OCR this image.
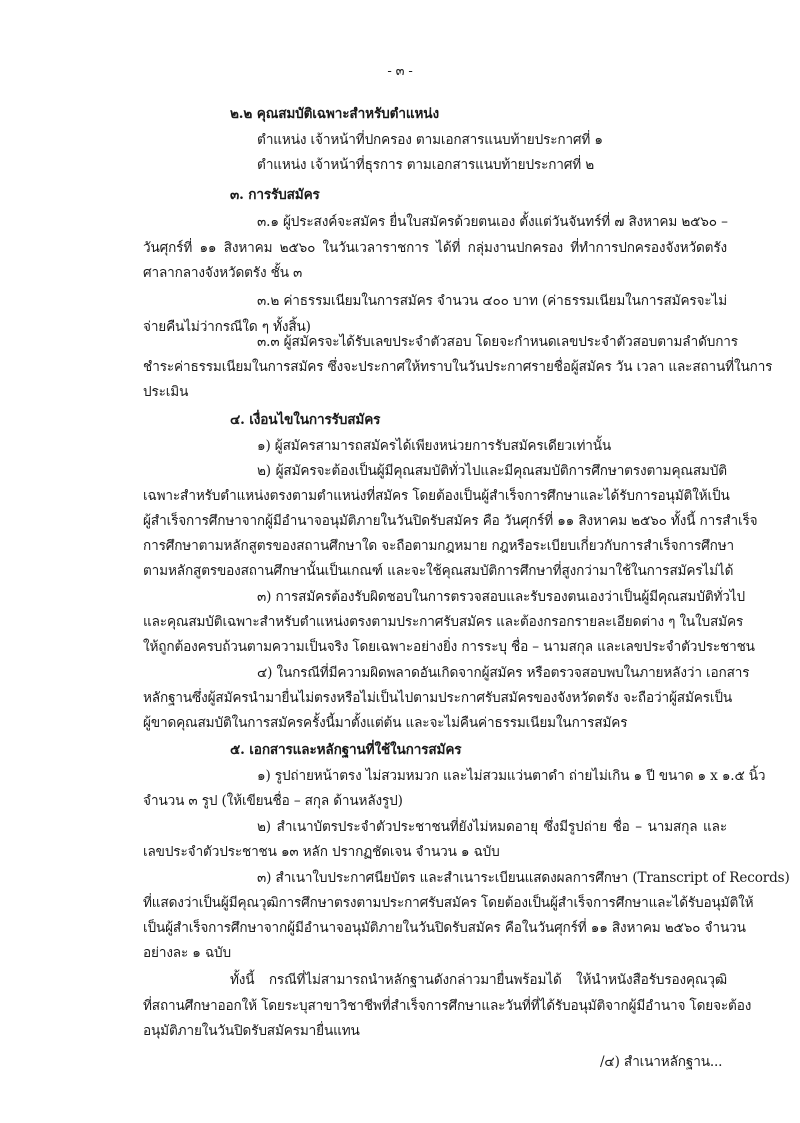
- ๓ -
๒.๒ คุณสมบัติเฉพาะสำหรับตำแหน่ง
ตำแหน่ง เจ้าหน้าที่ปกครอง ตามเอกสารแนบท้ายประกาศที่ ๑
ตำแหน่ง เจ้าหน้าที่ธุรการ ตามเอกสารแนบท้ายประกาศที่ ๒
๓. การรับสมัคร
๓.๑ ผู้ประสงค์จะสมัคร ยื่นใบสมัครด้วยตนเอง ตั้งแต่วันจันทร์ที่ ๗ สิงหาคม ๒๕๖๐ –
วันศุกร์ที่ ๑๑ สิงหาคม ๒๕๖๐ ในวันเวลาราชการ ได้ที่ กลุ่มงานปกครอง ที่ทำการปกครองจังหวัดตรัง
ศาลากลางจังหวัดตรัง ชั้น ๓
๓.๒ ค่าธรรมเนียมในการสมัคร จำนวน ๔๐๐ บาท (ค่าธรรมเนียมในการสมัครจะไม่
จ่ายคืนไม่ว่ากรณีใด ๆ ทั้งสิ้น)
๓.๓ ผู้สมัครจะได้รับเลขประจำตัวสอบ โดยจะกำหนดเลขประจำตัวสอบตามลำดับการ
ชำระค่าธรรมเนียมในการสมัคร ซึ่งจะประกาศให้ทราบในวันประกาศรายชื่อผู้สมัคร วัน เวลา และสถานที่ในการ
ประเมิน
๔. เงื่อนไขในการรับสมัคร
๑) ผู้สมัครสามารถสมัครได้เพียงหน่วยการรับสมัครเดียวเท่านั้น
๒) ผู้สมัครจะต้องเป็นผู้มีคุณสมบัติทั่วไปและมีคุณสมบัติการศึกษาตรงตามคุณสมบัติ
เฉพาะสำหรับตำแหน่งตรงตามตำแหน่งที่สมัคร โดยต้องเป็นผู้สำเร็จการศึกษาและได้รับการอนุมัติให้เป็น
ผู้สำเร็จการศึกษาจากผู้มีอำนาจอนุมัติภายในวันปิดรับสมัคร คือ วันศุกร์ที่ ๑๑ สิงหาคม ๒๕๖๐ ทั้งนี้ การสำเร็จ
การศึกษาตามหลักสูตรของสถานศึกษาใด จะถือตามกฎหมาย กฎหรือระเบียบเกี่ยวกับการสำเร็จการศึกษา
ตามหลักสูตรของสถานศึกษานั้นเป็นเกณฑ์ และจะใช้คุณสมบัติการศึกษาที่สูงกว่ามาใช้ในการสมัครไม่ได้
๓) การสมัครต้องรับผิดชอบในการตรวจสอบและรับรองตนเองว่าเป็นผู้มีคุณสมบัติทั่วไป
และคุณสมบัติเฉพาะสำหรับตำแหน่งตรงตามประกาศรับสมัคร และต้องกรอกรายละเอียดต่าง ๆ ในใบสมัคร
ให้ถูกต้องครบถ้วนตามความเป็นจริง โดยเฉพาะอย่างยิ่ง การระบุ ชื่อ – นามสกุล และเลขประจำตัวประชาชน
๔) ในกรณีที่มีความผิดพลาดอันเกิดจากผู้สมัคร หรือตรวจสอบพบในภายหลังว่า เอกสาร
หลักฐานซึ่งผู้สมัครนำมายื่นไม่ตรงหรือไม่เป็นไปตามประกาศรับสมัครของจังหวัดตรัง จะถือว่าผู้สมัครเป็น
ผู้ขาดคุณสมบัติในการสมัครครั้งนี้มาตั้งแต่ต้น และจะไม่คืนค่าธรรมเนียมในการสมัคร
๕. เอกสารและหลักฐานที่ใช้ในการสมัคร
๑) รูปถ่ายหน้าตรง ไม่สวมหมวก และไม่สวมแว่นตาดำ ถ่ายไม่เกิน ๑ ปี ขนาด ๑ x ๑.๕ นิ้ว
จำนวน ๓ รูป (ให้เขียนชื่อ – สกุล ด้านหลังรูป)
๒) สำเนาบัตรประจำตัวประชาชนที่ยังไม่หมดอายุ ซึ่งมีรูปถ่าย ชื่อ – นามสกุล และ
เลขประจำตัวประชาชน ๑๓ หลัก ปรากฏชัดเจน จำนวน ๑ ฉบับ
๓) สำเนาใบประกาศนียบัตร และสำเนาระเบียนแสดงผลการศึกษา (Transcript of Records)
ที่แสดงว่าเป็นผู้มีคุณวุฒิการศึกษาตรงตามประกาศรับสมัคร โดยต้องเป็นผู้สำเร็จการศึกษาและได้รับอนุมัติให้
เป็นผู้สำเร็จการศึกษาจากผู้มีอำนาจอนุมัติภายในวันปิดรับสมัคร คือในวันศุกร์ที่ ๑๑ สิงหาคม ๒๕๖๐ จำนวน
อย่างละ ๑ ฉบับ
ทั้งนี้ กรณีที่ไม่สามารถนำหลักฐานดังกล่าวมายื่นพร้อมได้ ให้นำหนังสือรับรองคุณวุฒิ
ที่สถานศึกษาออกให้ โดยระบุสาขาวิชาชีพที่สำเร็จการศึกษาและวันที่ที่ได้รับอนุมัติจากผู้มีอำนาจ โดยจะต้อง
อนุมัติภายในวันปิดรับสมัครมายื่นแทน
/๔) สำเนาหลักฐาน...
